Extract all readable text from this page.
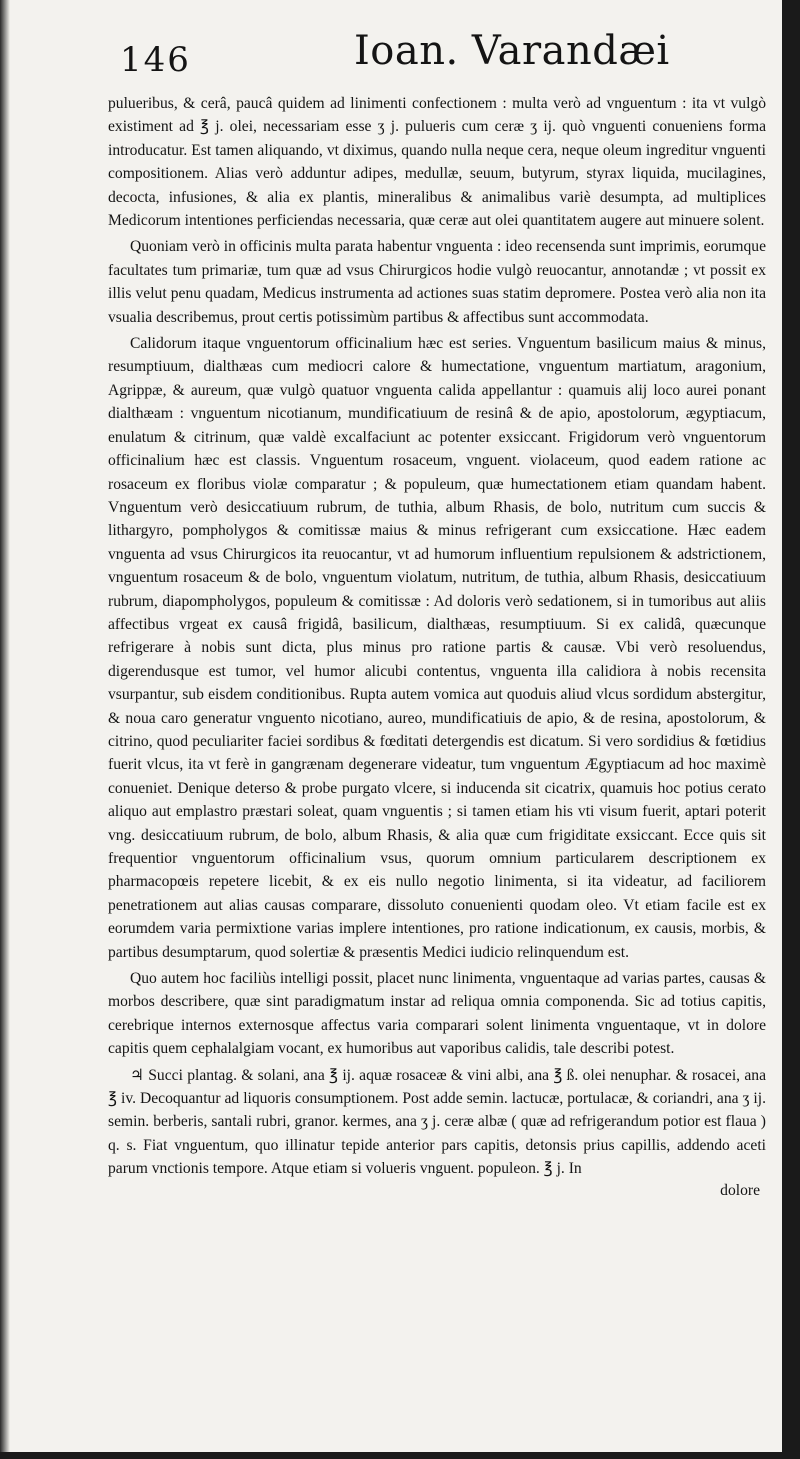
146	Ioan. Varandæi

pulueribus, & cerâ, paucâ quidem ad linimenti confectionem : multa verò ad vnguentum : ita vt vulgò existiment ad ℥ j. olei, necessariam esse ʒ j. pulueris cum ceræ ʒ ij. quò vnguenti conueniens forma introducatur. Est tamen aliquando, vt diximus, quando nulla neque cera, neque oleum ingreditur vnguenti compositionem. Alias verò adduntur adipes, medullæ, seuum, butyrum, styrax liquida, mucilagines, decocta, infusiones, & alia ex plantis, mineralibus & animalibus variè desumpta, ad multiplices Medicorum intentiones perficiendas necessaria, quæ ceræ aut olei quantitatem augere aut minuere solent.

Quoniam verò in officinis multa parata habentur vnguenta : ideo recensenda sunt imprimis, eorumque facultates tum primariæ, tum quæ ad vsus Chirurgicos hodie vulgò reuocantur, annotandæ ; vt possit ex illis velut penu quadam, Medicus instrumenta ad actiones suas statim depromere. Postea verò alia non ita vsualia describemus, prout certis potissimùm partibus & affectibus sunt accommodata.

Calidorum itaque vnguentorum officinalium hæc est series. Vnguentum basilicum maius & minus, resumptiuum, dialthæas cum mediocri calore & humectatione, vnguentum martiatum, aragonium, Agrippæ, & aureum, quæ vulgò quatuor vnguenta calida appellantur : quamuis alij loco aurei ponant dialthæam : vnguentum nicotianum, mundificatiuum de resinâ & de apio, apostolorum, ægyptiacum, enulatum & citrinum, quæ valdè excalfaciunt ac potenter exsiccant. Frigidorum verò vnguentorum officinalium hæc est classis. Vnguentum rosaceum, vnguent. violaceum, quod eadem ratione ac rosaceum ex floribus violæ comparatur ; & populeum, quæ humectationem etiam quandam habent. Vnguentum verò desiccatiuum rubrum, de tuthia, album Rhasis, de bolo, nutritum cum succis & lithargyro, pompholygos & comitissæ maius & minus refrigerant cum exsiccatione. Hæc eadem vnguenta ad vsus Chirurgicos ita reuocantur, vt ad humorum influentium repulsionem & adstrictionem, vnguentum rosaceum & de bolo, vnguentum violatum, nutritum, de tuthia, album Rhasis, desiccatiuum rubrum, diapompholygos, populeum & comitissæ : Ad doloris verò sedationem, si in tumoribus aut aliis affectibus vrgeat ex causâ frigidâ, basilicum, dialthæas, resumptiuum. Si ex calidâ, quæcunque refrigerare à nobis sunt dicta, plus minus pro ratione partis & causæ. Vbi verò resoluendus, digerendusque est tumor, vel humor alicubi contentus, vnguenta illa calidiora à nobis recensita vsurpantur, sub eisdem conditionibus. Rupta autem vomica aut quoduis aliud vlcus sordidum abstergitur, & noua caro generatur vnguento nicotiano, aureo, mundificatiuis de apio, & de resina, apostolorum, & citrino, quod peculiariter faciei sordibus & fœditati detergendis est dicatum. Si vero sordidius & fœtidius fuerit vlcus, ita vt ferè in gangrænam degenerare videatur, tum vnguentum Ægyptiacum ad hoc maximè conueniet. Denique deterso & probe purgato vlcere, si inducenda sit cicatrix, quamuis hoc potius cerato aliquo aut emplastro præstari soleat, quam vnguentis ; si tamen etiam his vti visum fuerit, aptari poterit vng. desiccatiuum rubrum, de bolo, album Rhasis, & alia quæ cum frigiditate exsiccant. Ecce quis sit frequentior vnguentorum officinalium vsus, quorum omnium particularem descriptionem ex pharmacopœis repetere licebit, & ex eis nullo negotio linimenta, si ita videatur, ad faciliorem penetrationem aut alias causas comparare, dissoluto conuenienti quodam oleo. Vt etiam facile est ex eorumdem varia permixtione varias implere intentiones, pro ratione indicationum, ex causis, morbis, & partibus desumptarum, quod solertiæ & præsentis Medici iudicio relinquendum est.

Quo autem hoc faciliùs intelligi possit, placet nunc linimenta, vnguentaque ad varias partes, causas & morbos describere, quæ sint paradigmatum instar ad reliqua omnia componenda. Sic ad totius capitis, cerebrique internos externosque affectus varia comparari solent linimenta vnguentaque, vt in dolore capitis quem cephalalgiam vocant, ex humoribus aut vaporibus calidis, tale describi potest.

♃ Succi plantag. & solani, ana ℥ ij. aquæ rosaceæ & vini albi, ana ℥ ß. olei nenuphar. & rosacei, ana ℥ iv. Decoquantur ad liquoris consumptionem. Post adde semin. lactucæ, portulacæ, & coriandri, ana ʒ ij. semin. berberis, santali rubri, granor. kermes, ana ʒ j. ceræ albæ ( quæ ad refrigerandum potior est flaua ) q. s. Fiat vnguentum, quo illinatur tepide anterior pars capitis, detonsis prius capillis, addendo aceti parum vnctionis tempore. Atque etiam si volueris vnguent. populeon. ℥ j. In

dolore
